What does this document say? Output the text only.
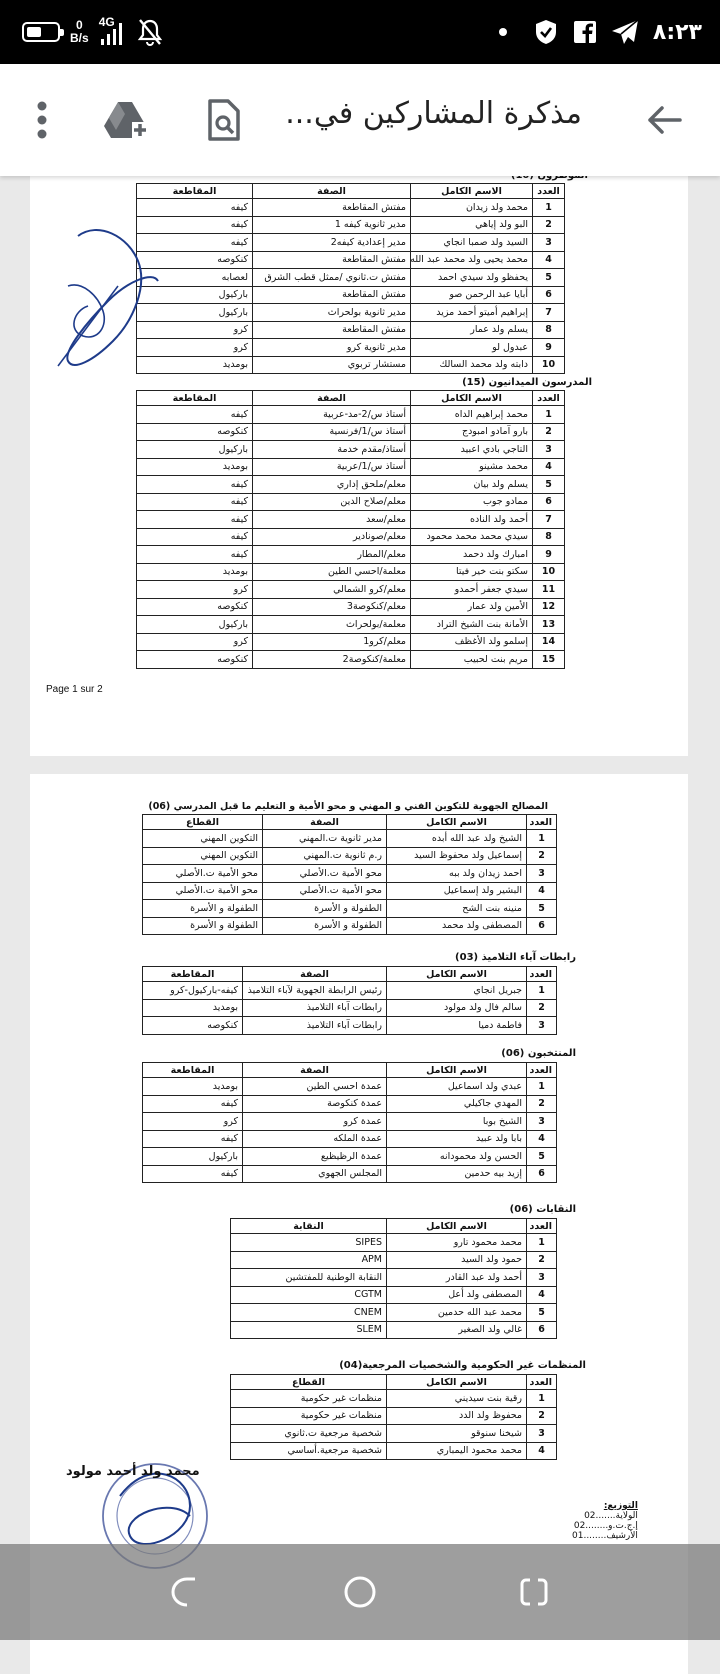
0
B/s
4G	٨:٢٣
مذكرة المشاركين في...
العدد	الاسم الكامل	الصفة	المقاطعة
1	محمد ولد زيدان	مفتش المقاطعة	كيفه
2	البو ولد إياهي	مدير ثانوية كيفه 1	كيفه
3	السيد ولد صمبا انجاي	مدير إعدادية كيفه2	كيفه
4	محمد يحيى ولد محمد عبد الله	مفتش المقاطعة	كنكوصه
5	يحفظو ولد سيدي احمد	مفتش ت.ثانوي /ممثل قطب الشرق	لعصابه
6	أبايا عبد الرحمن صو	مفتش المقاطعة	باركيول
7	إبراهيم أميتو أحمد مزيد	مدير ثانوية بولحراث	باركيول
8	يسلم ولد عمار	مفتش المقاطعة	كرو
9	عبدول لو	مدير ثانوية كرو	كرو
10	دابته ولد محمد السالك	مستشار تربوي	بومديد
المدرسون الميدانيون (15)
العدد	الاسم الكامل	الصفة	المقاطعة
1	محمد إبراهيم الداه	أستاذ س/2-مد-عربية	كيفه
2	بارو آمادو امبودج	أستاذ س/1/فرنسية	كنكوصه
3	التاجي بادي اعبيد	أستاذ/مقدم خدمة	باركيول
4	محمد مشينو	أستاذ س/1/عربية	بومديد
5	يسلم ولد بيان	معلم/ملحق إداري	كيفه
6	ممادو جوب	معلم/صلاح الدين	كيفه
7	أحمد ولد الناده	معلم/سعد	كيفه
8	سيدي محمد محمد محمود	معلم/صونادير	كيفه
9	امبارك ولد دحمد	معلم/المطار	كيفه
10	سكتو بنت خير فيتا	معلمة/احسي الطين	بومديد
11	سيدي جعفر أحمدو	معلم/كرو الشمالي	كرو
12	الأمين ولد عمار	معلم/كنكوصة3	كنكوصه
13	الأمانة بنت الشيخ التراد	معلمة/بولحراث	باركيول
14	إسلمو ولد الأغظف	معلم/كرو1	كرو
15	مريم بنت لحبيب	معلمة/كنكوصة2	كنكوصه
Page 1 sur 2
المصالح الجهوية للتكوين الفني و المهني و محو الأمية و التعليم ما قبل المدرسي (06)
العدد	الاسم الكامل	الصفة	القطاع
1	الشيخ ولد عبد الله أبده	مدير ثانوية ت.المهني	التكوين المهني
2	إسماعيل ولد محفوظ السيد	ر.م ثانوية ت.المهني	التكوين المهني
3	احمد زيدان ولد ببه	محو الأمية ت.الأصلي	محو الأمية ت.الأصلي
4	البشير ولد إسماعيل	محو الأمية ت.الأصلي	محو الأمية ت.الأصلي
5	منينه بنت الشح	الطفولة و الأسرة	الطفولة و الأسرة
6	المصطفى ولد محمد	الطفولة و الأسرة	الطفولة و الأسرة
رابطات آباء التلاميذ (03)
العدد	الاسم الكامل	الصفة	المقاطعة
1	جبريل انجاي	رئيس الرابطة الجهوية لآباء التلاميذ	كيفه-باركيول-كرو
2	سالم فال ولد مولود	رابطات آباء التلاميذ	بومديد
3	فاطمة دميا	رابطات آباء التلاميذ	كنكوصه
المنتخبون (06)
العدد	الاسم الكامل	الصفة	المقاطعة
1	عبدي ولد اسماعيل	عمدة احسي الطين	بومديد
2	المهدي جاكيلي	عمدة كنكوصة	كيفه
3	الشيخ بوبا	عمدة كرو	كرو
4	بابا ولد عبيد	عمدة الملكه	كيفه
5	الحسن ولد محمودانه	عمدة الرظيظيع	باركيول
6	إزيد بيه حدمين	المجلس الجهوي	كيفه
النقابات (06)
العدد	الاسم الكامل	النقابة
1	محمد محمود تارو	SIPES
2	حمود ولد السيد	APM
3	أحمد ولد عبد القادر	النقابة الوطنية للمفتشين
4	المصطفى ولد أعل	CGTM
5	محمد عبد الله حدمين	CNEM
6	غالي ولد الصغير	SLEM
المنظمات غير الحكومية والشخصيات المرجعية(04)
العدد	الاسم الكامل	القطاع
1	رقية بنت سيديني	منظمات غير حكومية
2	محفوظ ولد الدد	منظمات غير حكومية
3	شيخنا سنوقو	شخصية مرجعية ت.ثانوي
4	محمد محمود اليمباري	شخصية مرجعية.أساسي
محمد ولد أحمد مولود
التوزيع:
الولاية.......02
إ.ج.ت.و........02
الأرشيف........01
